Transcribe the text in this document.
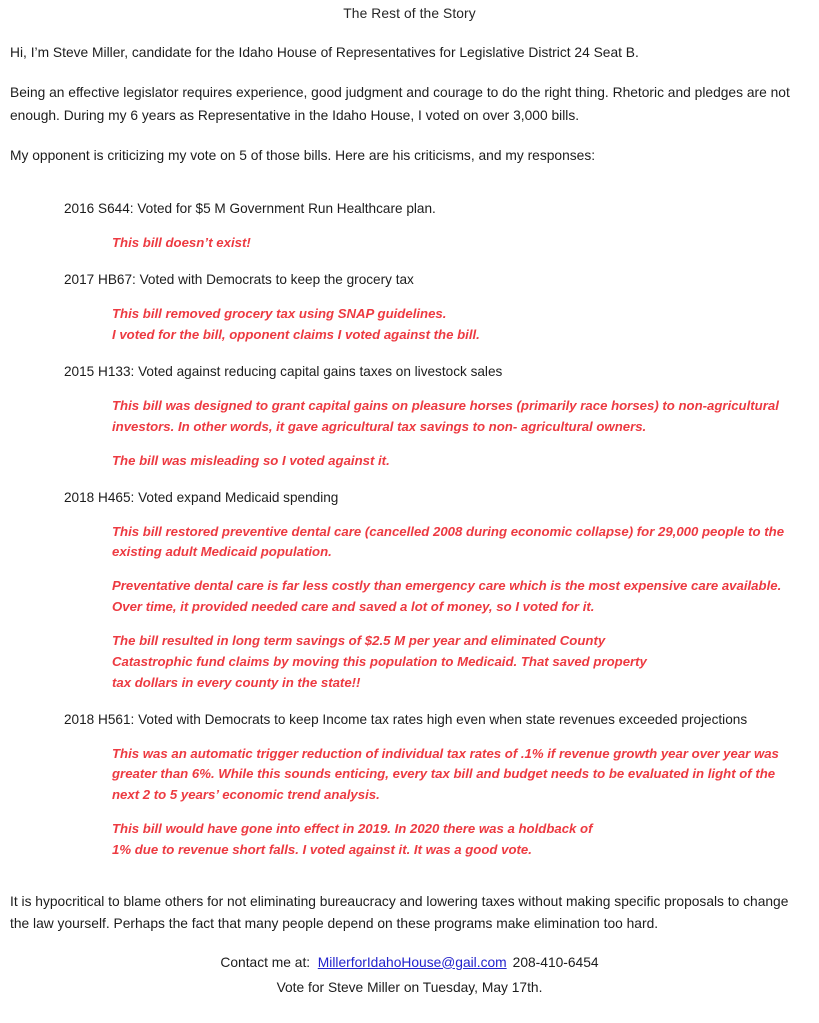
The Rest of the Story
Hi, I’m Steve Miller, candidate for the Idaho House of Representatives for Legislative District 24 Seat B.
Being an effective legislator requires experience, good judgment and courage to do the right thing. Rhetoric and pledges are not enough. During my 6 years as Representative in the Idaho House, I voted on over 3,000 bills.
My opponent is criticizing my vote on 5 of those bills. Here are his criticisms, and my responses:
2016 S644: Voted for $5 M Government Run Healthcare plan.
This bill doesn’t exist!
2017 HB67: Voted with Democrats to keep the grocery tax
This bill removed grocery tax using SNAP guidelines.
I voted for the bill, opponent claims I voted against the bill.
2015 H133: Voted against reducing capital gains taxes on livestock sales
This bill was designed to grant capital gains on pleasure horses (primarily race horses) to non-agricultural investors. In other words, it gave agricultural tax savings to non- agricultural owners.
The bill was misleading so I voted against it.
2018 H465: Voted expand Medicaid spending
This bill restored preventive dental care (cancelled 2008 during economic collapse) for 29,000 people to the existing adult Medicaid population.
Preventative dental care is far less costly than emergency care which is the most expensive care available. Over time, it provided needed care and saved a lot of money, so I voted for it.
The bill resulted in long term savings of $2.5 M per year and eliminated County
Catastrophic fund claims by moving this population to Medicaid. That saved property
tax dollars in every county in the state!!
2018 H561: Voted with Democrats to keep Income tax rates high even when state revenues exceeded projections
This was an automatic trigger reduction of individual tax rates of .1% if revenue growth year over year was greater than 6%. While this sounds enticing, every tax bill and budget needs to be evaluated in light of the next 2 to 5 years’ economic trend analysis.
This bill would have gone into effect in 2019. In 2020 there was a holdback of
1% due to revenue short falls. I voted against it. It was a good vote.
It is hypocritical to blame others for not eliminating bureaucracy and lowering taxes without making specific proposals to change the law yourself. Perhaps the fact that many people depend on these programs make elimination too hard.
Contact me at:  MillerforIdahoHouse@gail.com 208-410-6454
Vote for Steve Miller on Tuesday, May 17th.
